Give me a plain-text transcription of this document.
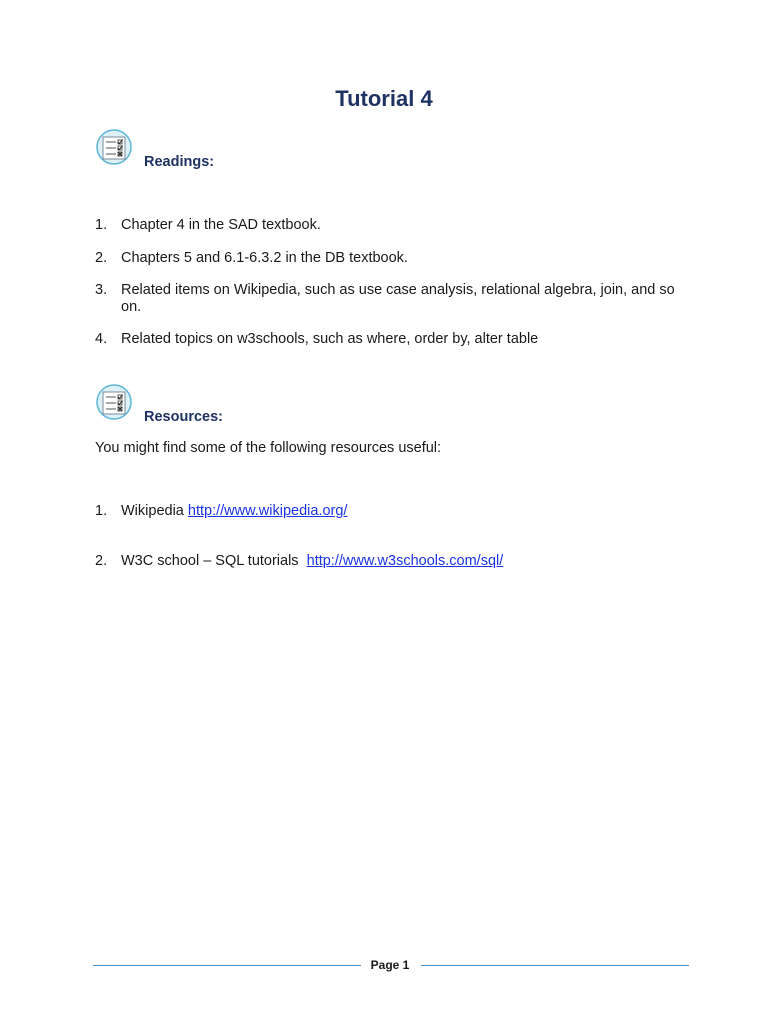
Tutorial 4
Readings:
1. Chapter 4 in the SAD textbook.
2. Chapters 5 and 6.1-6.3.2 in the DB textbook.
3. Related items on Wikipedia, such as use case analysis, relational algebra, join, and so on.
4. Related topics on w3schools, such as where, order by, alter table
Resources:
You might find some of the following resources useful:
1. Wikipedia http://www.wikipedia.org/
2. W3C school – SQL tutorials  http://www.w3schools.com/sql/
Page 1
